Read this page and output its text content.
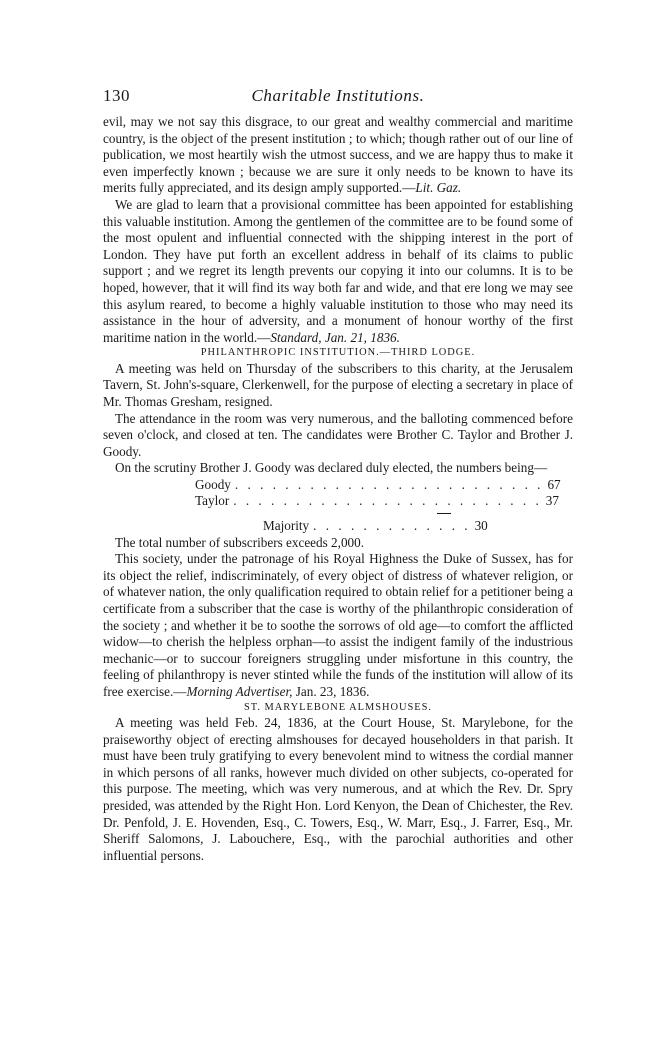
130	Charitable Institutions.

evil, may we not say this disgrace, to our great and wealthy commercial and maritime country, is the object of the present institution ; to which; though rather out of our line of publication, we most heartily wish the utmost success, and we are happy thus to make it even imperfectly known ; because we are sure it only needs to be known to have its merits fully appreciated, and its design amply supported.—Lit. Gaz.

We are glad to learn that a provisional committee has been appointed for establishing this valuable institution. Among the gentlemen of the committee are to be found some of the most opulent and influential connected with the shipping interest in the port of London. They have put forth an excellent address in behalf of its claims to public support ; and we regret its length prevents our copying it into our columns. It is to be hoped, however, that it will find its way both far and wide, and that ere long we may see this asylum reared, to become a highly valuable institution to those who may need its assistance in the hour of adversity, and a monument of honour worthy of the first maritime nation in the world.—Standard, Jan. 21, 1836.

PHILANTHROPIC INSTITUTION.—THIRD LODGE.

A meeting was held on Thursday of the subscribers to this charity, at the Jerusalem Tavern, St. John's-square, Clerkenwell, for the purpose of electing a secretary in place of Mr. Thomas Gresham, resigned.

The attendance in the room was very numerous, and the balloting commenced before seven o'clock, and closed at ten. The candidates were Brother C. Taylor and Brother J. Goody.

On the scrutiny Brother J. Goody was declared duly elected, the numbers being—

Goody . . . . . . . . . . . . . . . . . . . . . . . . . 67
Taylor . . . . . . . . . . . . . . . . . . . . . . . . . 37
Majority . . . . . . . . . . . . . 30

The total number of subscribers exceeds 2,000.

This society, under the patronage of his Royal Highness the Duke of Sussex, has for its object the relief, indiscriminately, of every object of distress of whatever religion, or of whatever nation, the only qualification required to obtain relief for a petitioner being a certificate from a subscriber that the case is worthy of the philanthropic consideration of the society ; and whether it be to soothe the sorrows of old age—to comfort the afflicted widow—to cherish the helpless orphan—to assist the indigent family of the industrious mechanic—or to succour foreigners struggling under misfortune in this country, the feeling of philanthropy is never stinted while the funds of the institution will allow of its free exercise.—Morning Advertiser, Jan. 23, 1836.

ST. MARYLEBONE ALMSHOUSES.

A meeting was held Feb. 24, 1836, at the Court House, St. Marylebone, for the praiseworthy object of erecting almshouses for decayed householders in that parish. It must have been truly gratifying to every benevolent mind to witness the cordial manner in which persons of all ranks, however much divided on other subjects, co-operated for this purpose. The meeting, which was very numerous, and at which the Rev. Dr. Spry presided, was attended by the Right Hon. Lord Kenyon, the Dean of Chichester, the Rev. Dr. Penfold, J. E. Hovenden, Esq., C. Towers, Esq., W. Marr, Esq., J. Farrer, Esq., Mr. Sheriff Salomons, J. Labouchere, Esq., with the parochial authorities and other influential persons.
